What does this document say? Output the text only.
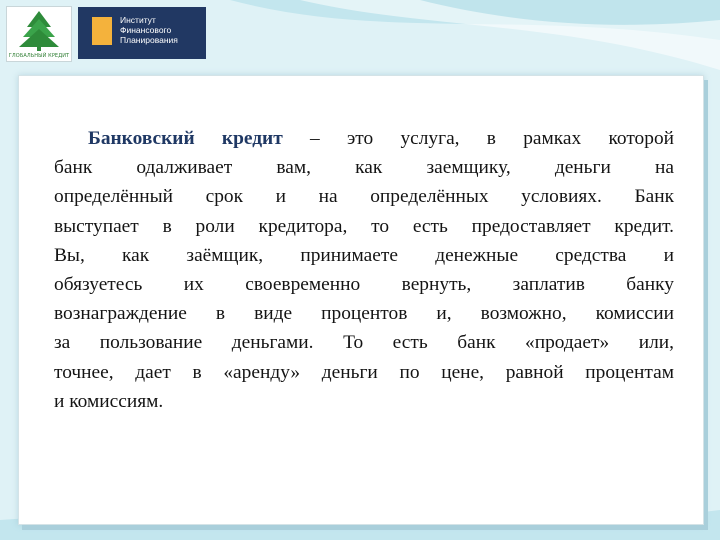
ГЛОБАЛЬНЫЙ КРЕДИТ
Институт
Финансового
Планирования
Банковский кредит – это услуга, в рамках которой
банк одалживает вам, как заемщику, деньги на
определённый срок и на определённых условиях. Банк
выступает в роли кредитора, то есть предоставляет кредит.
Вы, как заёмщик, принимаете денежные средства и
обязуетесь их своевременно вернуть, заплатив банку
вознаграждение в виде процентов и, возможно, комиссии
за пользование деньгами. То есть банк «продает» или,
точнее, дает в «аренду» деньги по цене, равной процентам
и комиссиям.
